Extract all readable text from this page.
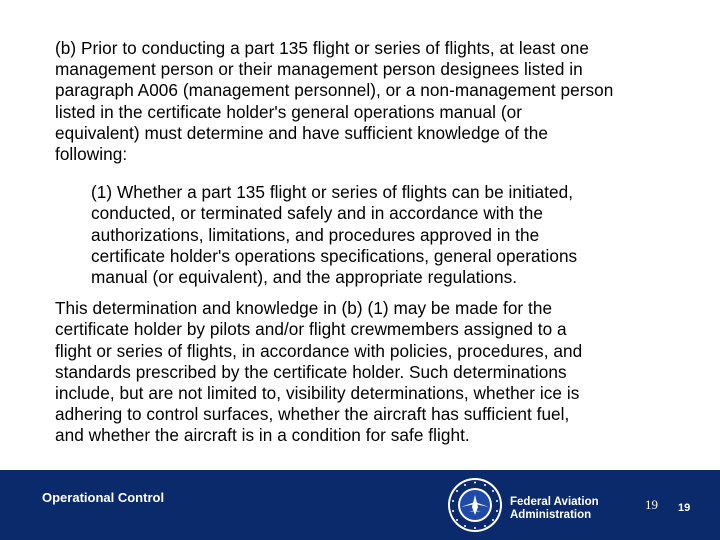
(b) Prior to conducting a part 135 flight or series of flights, at least one
management person or their management person designees listed in
paragraph A006 (management personnel), or a non-management person
listed in the certificate holder's general operations manual (or
equivalent) must determine and have sufficient knowledge of the
following:

(1) Whether a part 135 flight or series of flights can be initiated,
conducted, or terminated safely and in accordance with the
authorizations, limitations, and procedures approved in the
certificate holder's operations specifications, general operations
manual (or equivalent), and the appropriate regulations.

This determination and knowledge in (b) (1) may be made for the
certificate holder by pilots and/or flight crewmembers assigned to a
flight or series of flights, in accordance with policies, procedures, and
standards prescribed by the certificate holder. Such determinations
include, but are not limited to, visibility determinations, whether ice is
adhering to control surfaces, whether the aircraft has sufficient fuel,
and whether the aircraft is in a condition for safe flight.

Operational Control	Federal Aviation
Administration
19 19
